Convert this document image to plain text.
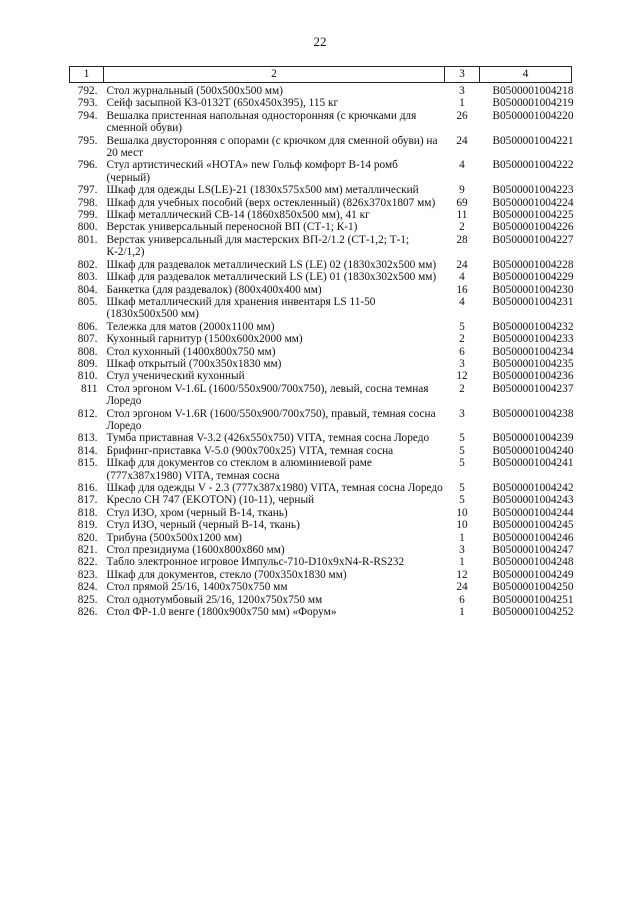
22
1	2	3	4
792.	Стол журнальный (500х500х500 мм)	3	B0500001004218
793.	Сейф засыпной КЗ-0132Т (650х450х395), 115 кг	1	B0500001004219
794.	Вешалка пристенная напольная односторонняя (с крючками для сменной обуви)	26	B0500001004220
795.	Вешалка двусторонняя с опорами (с крючком для сменной обуви) на 20 мест	24	B0500001004221
796.	Стул артистический «НОТА» new Гольф комфорт В-14 ромб (черный)	4	B0500001004222
797.	Шкаф для одежды LS(LE)-21 (1830х575х500 мм) металлический	9	B0500001004223
798.	Шкаф для учебных пособий (верх остекленный) (826х370х1807 мм)	69	B0500001004224
799.	Шкаф металлический СВ-14 (1860х850х500 мм), 41 кг	11	B0500001004225
800.	Верстак универсальный переносной ВП (СТ-1; К-1)	2	B0500001004226
801.	Верстак универсальный для мастерских ВП-2/1.2 (СТ-1,2; Т-1; К-2/1,2)	28	B0500001004227
802.	Шкаф для раздевалок металлический LS (LE) 02 (1830х302х500 мм)	24	B0500001004228
803.	Шкаф для раздевалок металлический LS (LE) 01 (1830х302х500 мм)	4	B0500001004229
804.	Банкетка (для раздевалок) (800х400х400 мм)	16	B0500001004230
805.	Шкаф металлический для хранения инвентаря LS 11-50 (1830х500х500 мм)	4	B0500001004231
806.	Тележка для матов (2000х1100 мм)	5	B0500001004232
807.	Кухонный гарнитур (1500х600х2000 мм)	2	B0500001004233
808.	Стол кухонный (1400х800х750 мм)	6	B0500001004234
809.	Шкаф открытый (700х350х1830 мм)	3	B0500001004235
810.	Стул ученический кухонный	12	B0500001004236
811	Стол эргоном V-1.6L (1600/550х900/700х750), левый, сосна темная Лоредо	2	B0500001004237
812.	Стол эргоном V-1.6R (1600/550х900/700х750), правый, темная сосна Лоредо	3	B0500001004238
813.	Тумба приставная V-3.2 (426х550х750) VITA, темная сосна Лоредо	5	B0500001004239
814.	Брифинг-приставка V-5.0 (900х700х25) VITA, темная сосна	5	B0500001004240
815.	Шкаф для документов со стеклом в алюминиевой раме (777х387х1980) VITA, темная сосна	5	B0500001004241
816.	Шкаф для одежды V - 2.3 (777х387х1980) VITA, темная сосна Лоредо	5	B0500001004242
817.	Кресло CH 747 (EKOTON) (10-11), черный	5	B0500001004243
818.	Стул ИЗО, хром (черный В-14, ткань)	10	B0500001004244
819.	Стул ИЗО, черный (черный В-14, ткань)	10	B0500001004245
820.	Трибуна (500х500х1200 мм)	1	B0500001004246
821.	Стол президиума (1600х800х860 мм)	3	B0500001004247
822.	Табло электронное игровое Импульс-710-D10х9хN4-R-RS232	1	B0500001004248
823.	Шкаф для документов, стекло (700х350х1830 мм)	12	B0500001004249
824.	Стол прямой 25/16, 1400х750х750 мм	24	B0500001004250
825.	Стол однотумбовый 25/16, 1200х750х750 мм	6	B0500001004251
826.	Стол ФР-1.0 венге (1800х900х750 мм) «Форум»	1	B0500001004252
